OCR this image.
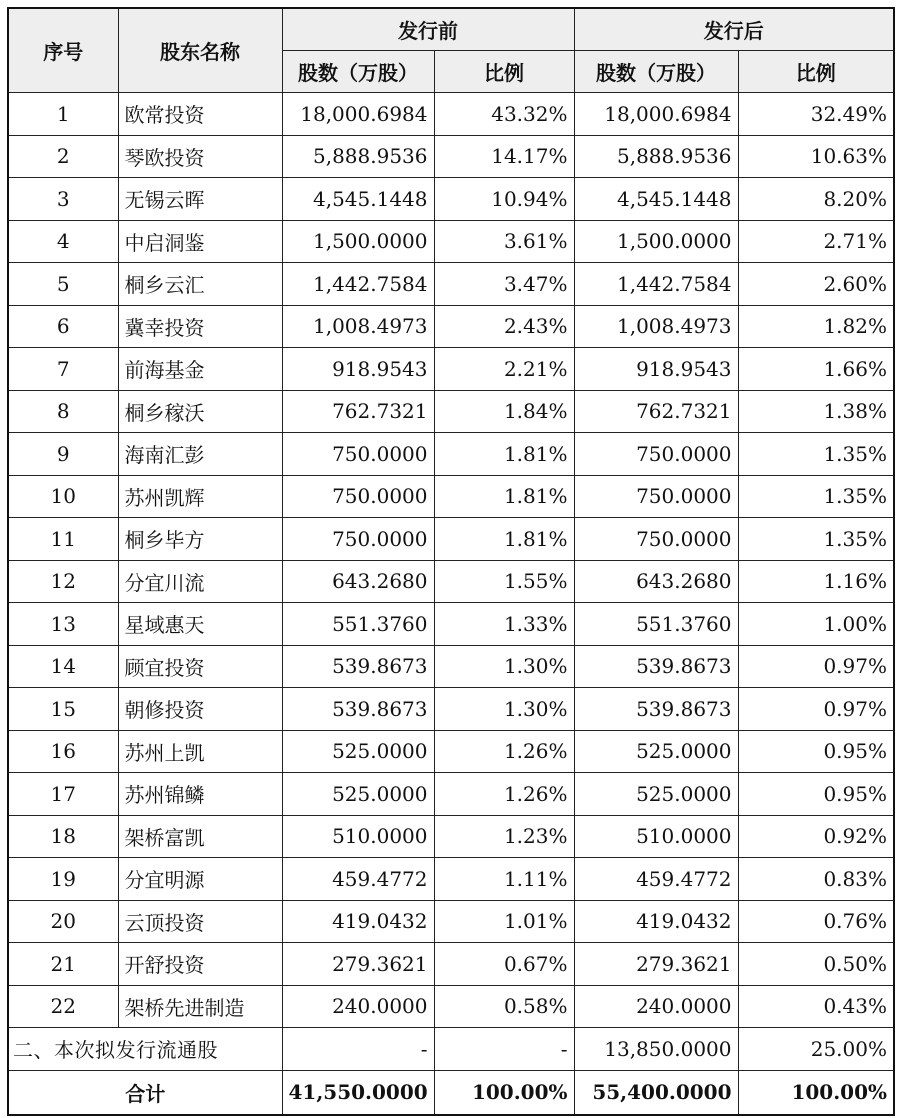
序号	股东名称	发行前		发行后	
		股数（万股）	比例	股数（万股）	比例
1	欧常投资	18,000.6984	43.32%	18,000.6984	32.49%
2	琴欧投资	5,888.9536	14.17%	5,888.9536	10.63%
3	无锡云晖	4,545.1448	10.94%	4,545.1448	8.20%
4	中启洞鉴	1,500.0000	3.61%	1,500.0000	2.71%
5	桐乡云汇	1,442.7584	3.47%	1,442.7584	2.60%
6	冀幸投资	1,008.4973	2.43%	1,008.4973	1.82%
7	前海基金	918.9543	2.21%	918.9543	1.66%
8	桐乡稼沃	762.7321	1.84%	762.7321	1.38%
9	海南汇彭	750.0000	1.81%	750.0000	1.35%
10	苏州凯辉	750.0000	1.81%	750.0000	1.35%
11	桐乡毕方	750.0000	1.81%	750.0000	1.35%
12	分宜川流	643.2680	1.55%	643.2680	1.16%
13	星域惠天	551.3760	1.33%	551.3760	1.00%
14	顾宜投资	539.8673	1.30%	539.8673	0.97%
15	朝修投资	539.8673	1.30%	539.8673	0.97%
16	苏州上凯	525.0000	1.26%	525.0000	0.95%
17	苏州锦鳞	525.0000	1.26%	525.0000	0.95%
18	架桥富凯	510.0000	1.23%	510.0000	0.92%
19	分宜明源	459.4772	1.11%	459.4772	0.83%
20	云顶投资	419.0432	1.01%	419.0432	0.76%
21	开舒投资	279.3621	0.67%	279.3621	0.50%
22	架桥先进制造	240.0000	0.58%	240.0000	0.43%
二、本次拟发行流通股		-	-	13,850.0000	25.00%
合计		41,550.0000	100.00%	55,400.0000	100.00%
